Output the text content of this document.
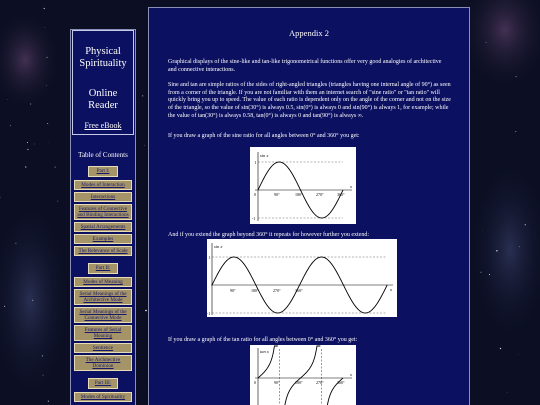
Physical Spirituality
Online Reader
Free eBook
Table of Contents
Part I:
Modes of Interaction
Interactions
Features of Connective and Binding Interactions
Spatial Arrangements
Examples
The Relevance of Scale
Part II:
Modes of Meaning
Serial Meanings of the Architective Mode
Serial Meanings of the Connective Mode
Features of Serial Meaning
Sentience
The Architective Dominion
Part III:
Modes of Spirituality
Appendix 2

Graphical displays of the sine-like and tan-like trigonometrical functions offer very good analogies of architective and connective interactions.

Sine and tan are simple ratios of the sides of right-angled triangles (triangles having one internal angle of 90°) as seen from a corner of the triangle. If you are not familiar with them an internet search of "sine ratio" or "tan ratio" will quickly bring you up to speed. The value of each ratio is dependent only on the angle of the corner and not on the size of the triangle, so the value of sin(30°) is always 0.5, sin(0°) is always 0 and sin(90°) is always 1, for example; while the value of tan(30°) is always 0.58, tan(0°) is always 0 and tan(90°) is always ∞.

If you draw a graph of the sine ratio for all angles between 0° and 360° you get:

sin x
x
1
-1
0	90°	180°	270°	360°

And if you extend the graph beyond 360° it repeats for however further you extend:

sin x
x
1
-1
90°	180°	270°	360°

If you draw a graph of the tan ratio for all angles between 0° and 360° you get:

tan x
x
0	90°	180°	270°	360°
